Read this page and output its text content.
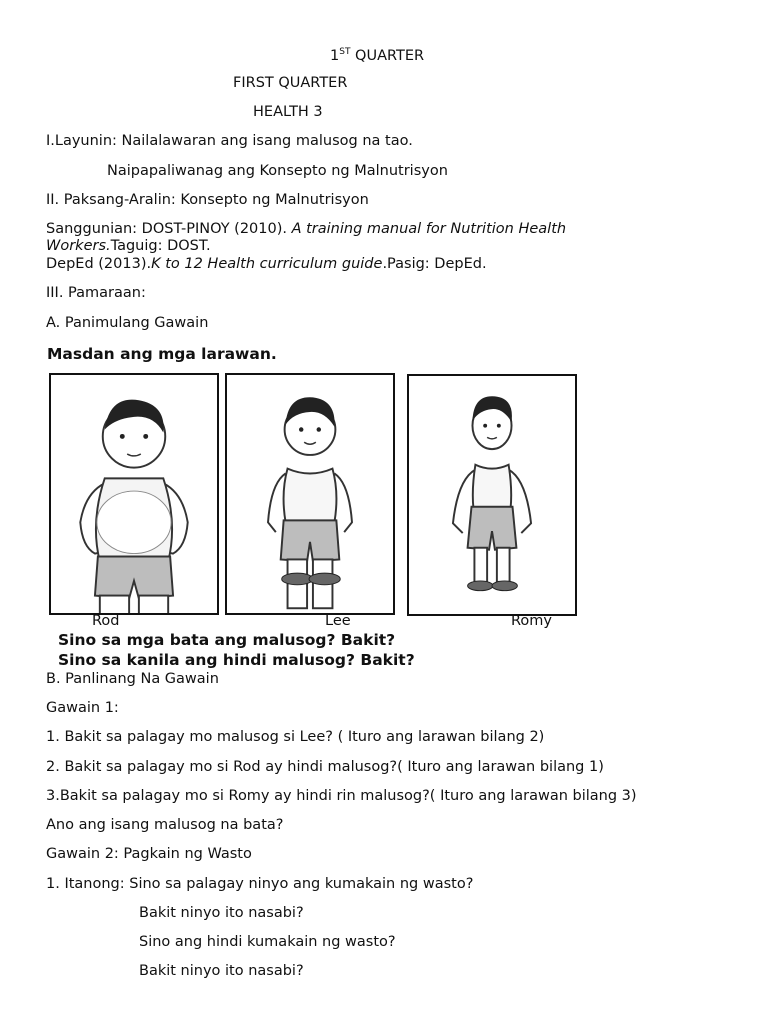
1ST QUARTER
FIRST QUARTER
HEALTH 3
I.Layunin: Nailalawaran ang isang malusog na tao.
Naipapaliwanag ang Konsepto ng Malnutrisyon
II. Paksang-Aralin: Konsepto ng Malnutrisyon
Sanggunian: DOST-PINOY (2010). A training manual for Nutrition Health
Workers.Taguig: DOST.
DepEd (2013).K to 12 Health curriculum guide.Pasig: DepEd.
III. Pamaraan:
A. Panimulang Gawain
Masdan ang mga larawan.
Rod	Lee	Romy
Sino sa mga bata ang malusog? Bakit?
Sino sa kanila ang hindi malusog? Bakit?
B. Panlinang Na Gawain
Gawain 1:
1. Bakit sa palagay mo malusog si Lee? ( Ituro ang larawan bilang 2)
2. Bakit sa palagay mo si Rod ay hindi malusog?( Ituro ang larawan bilang 1)
3.Bakit sa palagay mo si Romy ay hindi rin malusog?( Ituro ang larawan bilang 3)
Ano ang isang malusog na bata?
Gawain 2: Pagkain ng Wasto
1. Itanong: Sino sa palagay ninyo ang kumakain ng wasto?
Bakit ninyo ito nasabi?
Sino ang hindi kumakain ng wasto?
Bakit ninyo ito nasabi?
